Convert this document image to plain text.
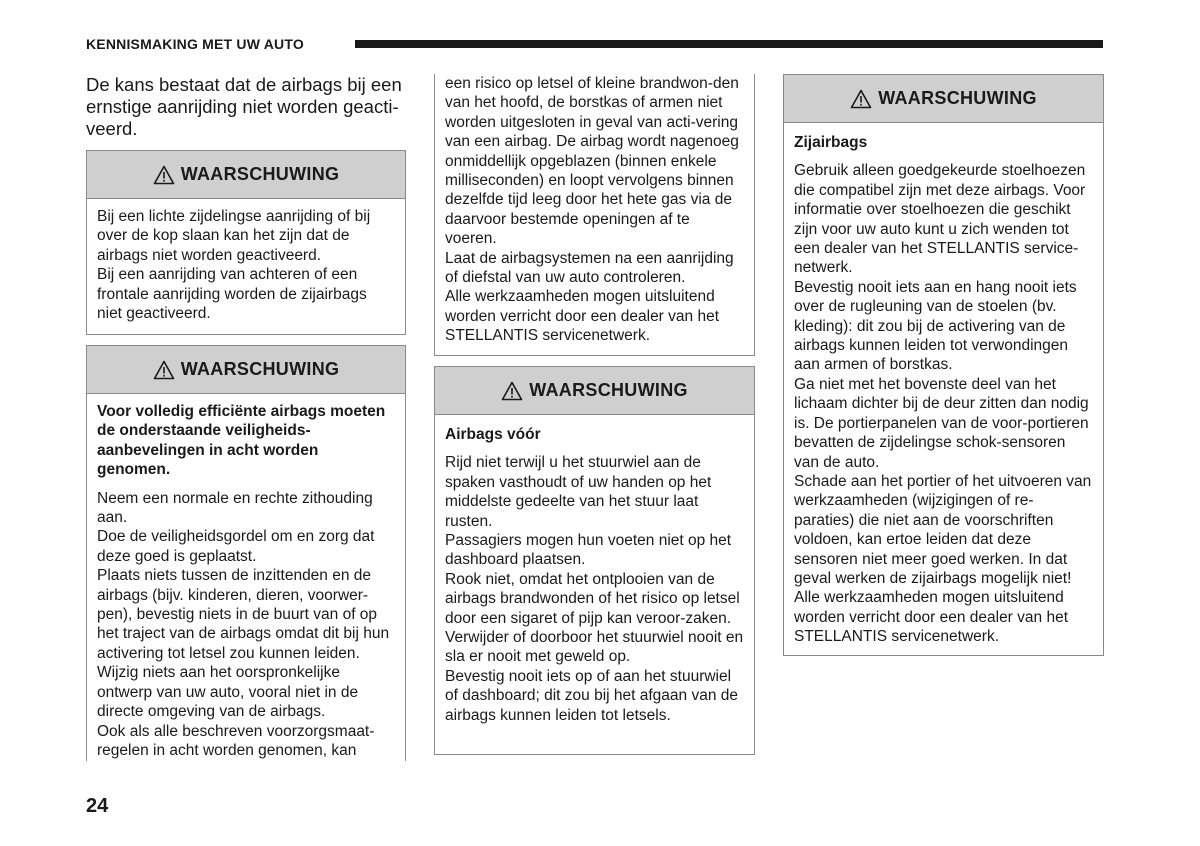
KENNISMAKING MET UW AUTO
De kans bestaat dat de airbags bij een ernstige aanrijding niet worden geacti-veerd.
WAARSCHUWING

Bij een lichte zijdelingse aanrijding of bij over de kop slaan kan het zijn dat de airbags niet worden geactiveerd.

Bij een aanrijding van achteren of een frontale aanrijding worden de zijairbags niet geactiveerd.

WAARSCHUWING

Voor volledig efficiënte airbags moeten de onderstaande veiligheids-aanbevelingen in acht worden genomen.

Neem een normale en rechte zithouding aan.

Doe de veiligheidsgordel om en zorg dat deze goed is geplaatst.

Plaats niets tussen de inzittenden en de airbags (bijv. kinderen, dieren, voorwer-pen), bevestig niets in de buurt van of op het traject van de airbags omdat dit bij hun activering tot letsel zou kunnen leiden.

Wijzig niets aan het oorspronkelijke ontwerp van uw auto, vooral niet in de directe omgeving van de airbags.

Ook als alle beschreven voorzorgsmaat-regelen in acht worden genomen, kan

een risico op letsel of kleine brandwon-den van het hoofd, de borstkas of armen niet worden uitgesloten in geval van acti-vering van een airbag. De airbag wordt nagenoeg onmiddellijk opgeblazen (binnen enkele milliseconden) en loopt vervolgens binnen dezelfde tijd leeg door het hete gas via de daarvoor bestemde openingen af te voeren.

Laat de airbagsystemen na een aanrijding of diefstal van uw auto controleren.

Alle werkzaamheden mogen uitsluitend worden verricht door een dealer van het STELLANTIS servicenetwerk.

WAARSCHUWING

Airbags vóór

Rijd niet terwijl u het stuurwiel aan de spaken vasthoudt of uw handen op het middelste gedeelte van het stuur laat rusten.

Passagiers mogen hun voeten niet op het dashboard plaatsen.

Rook niet, omdat het ontplooien van de airbags brandwonden of het risico op letsel door een sigaret of pijp kan veroor-zaken.

Verwijder of doorboor het stuurwiel nooit en sla er nooit met geweld op.

Bevestig nooit iets op of aan het stuurwiel of dashboard; dit zou bij het afgaan van de airbags kunnen leiden tot letsels.

WAARSCHUWING

Zijairbags

Gebruik alleen goedgekeurde stoelhoezen die compatibel zijn met deze airbags. Voor informatie over stoelhoezen die geschikt zijn voor uw auto kunt u zich wenden tot een dealer van het STELLANTIS service-netwerk.

Bevestig nooit iets aan en hang nooit iets over de rugleuning van de stoelen (bv. kleding): dit zou bij de activering van de airbags kunnen leiden tot verwondingen aan armen of borstkas.

Ga niet met het bovenste deel van het lichaam dichter bij de deur zitten dan nodig is. De portierpanelen van de voor-portieren bevatten de zijdelingse schok-sensoren van de auto.

Schade aan het portier of het uitvoeren van werkzaamheden (wijzigingen of re-paraties) die niet aan de voorschriften voldoen, kan ertoe leiden dat deze sensoren niet meer goed werken. In dat geval werken de zijairbags mogelijk niet!

Alle werkzaamheden mogen uitsluitend worden verricht door een dealer van het STELLANTIS servicenetwerk.

24
